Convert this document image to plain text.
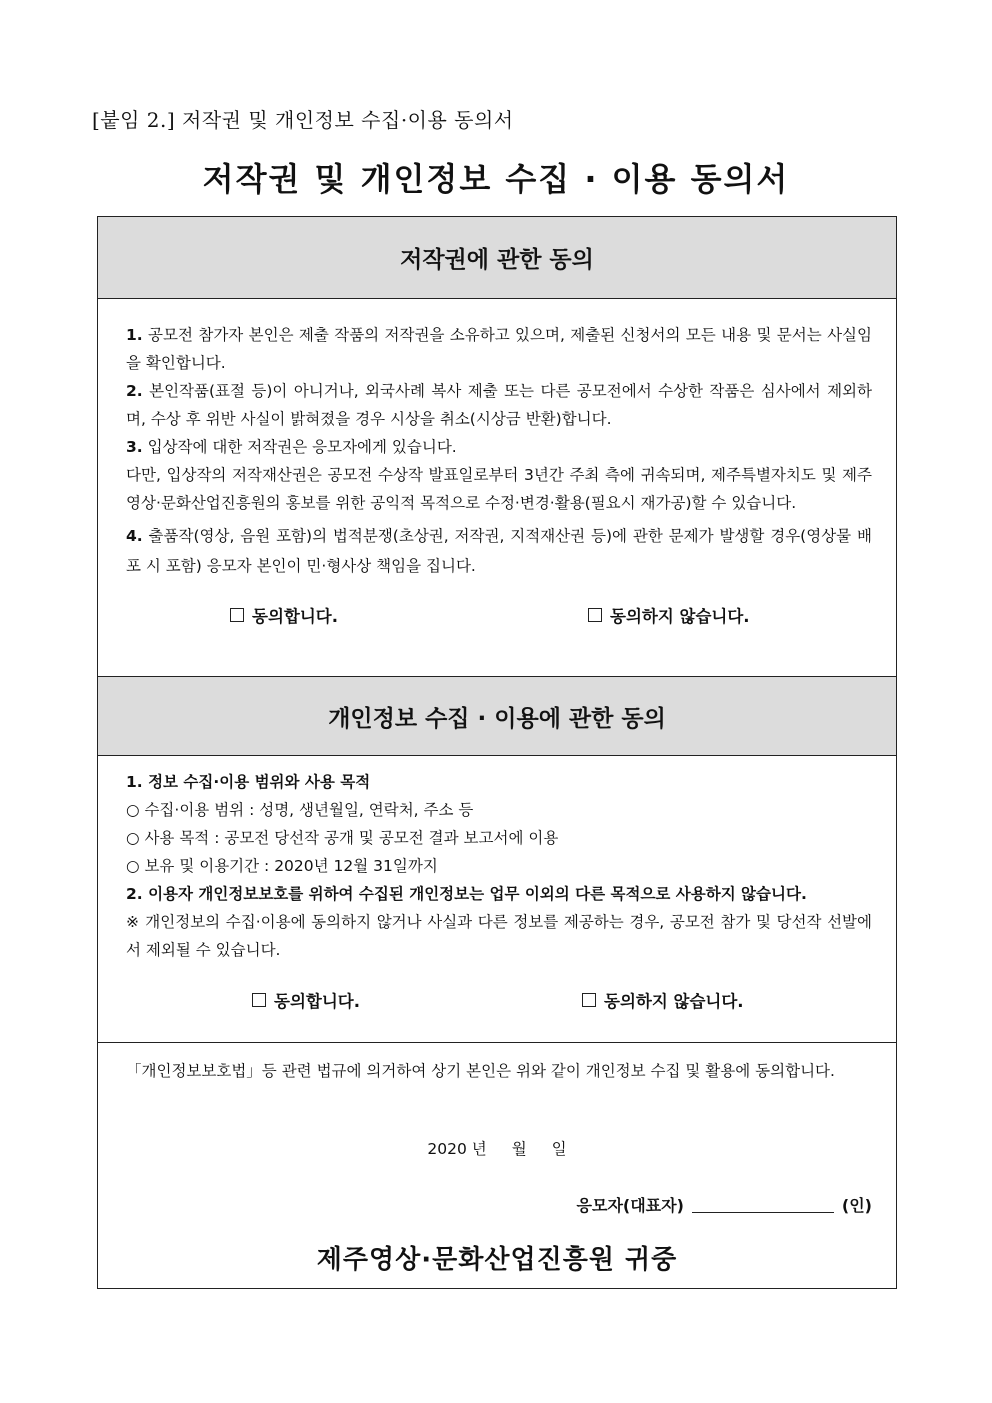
[붙임 2.] 저작권 및 개인정보 수집·이용 동의서
저작권 및 개인정보 수집 · 이용 동의서
저작권에 관한 동의

1. 공모전 참가자 본인은 제출 작품의 저작권을 소유하고 있으며, 제출된 신청서의 모든 내용 및 문서는 사실임을 확인합니다.

2. 본인작품(표절 등)이 아니거나, 외국사례 복사 제출 또는 다른 공모전에서 수상한 작품은 심사에서 제외하며, 수상 후 위반 사실이 밝혀졌을 경우 시상을 취소(시상금 반환)합니다.

3. 입상작에 대한 저작권은 응모자에게 있습니다.

다만, 입상작의 저작재산권은 공모전 수상작 발표일로부터 3년간 주최 측에 귀속되며, 제주특별자치도 및 제주영상·문화산업진흥원의 홍보를 위한 공익적 목적으로 수정·변경·활용(필요시 재가공)할 수 있습니다.

4. 출품작(영상, 음원 포함)의 법적분쟁(초상권, 저작권, 지적재산권 등)에 관한 문제가 발생할 경우(영상물 배포 시 포함) 응모자 본인이 민·형사상 책임을 집니다.

동의합니다.	동의하지 않습니다.
개인정보 수집 · 이용에 관한 동의

1. 정보 수집·이용 범위와 사용 목적

○ 수집·이용 범위 : 성명, 생년월일, 연락처, 주소 등

○ 사용 목적 : 공모전 당선작 공개 및 공모전 결과 보고서에 이용

○ 보유 및 이용기간 : 2020년 12월 31일까지

2. 이용자 개인정보보호를 위하여 수집된 개인정보는 업무 이외의 다른 목적으로 사용하지 않습니다.

※ 개인정보의 수집·이용에 동의하지 않거나 사실과 다른 정보를 제공하는 경우, 공모전 참가 및 당선작 선발에서 제외될 수 있습니다.

동의합니다.	동의하지 않습니다.

「개인정보보호법」등 관련 법규에 의거하여 상기 본인은 위와 같이 개인정보 수집 및 활용에 동의합니다.

2020 년 월 일
응모자(대표자)	(인)
제주영상·문화산업진흥원 귀중
